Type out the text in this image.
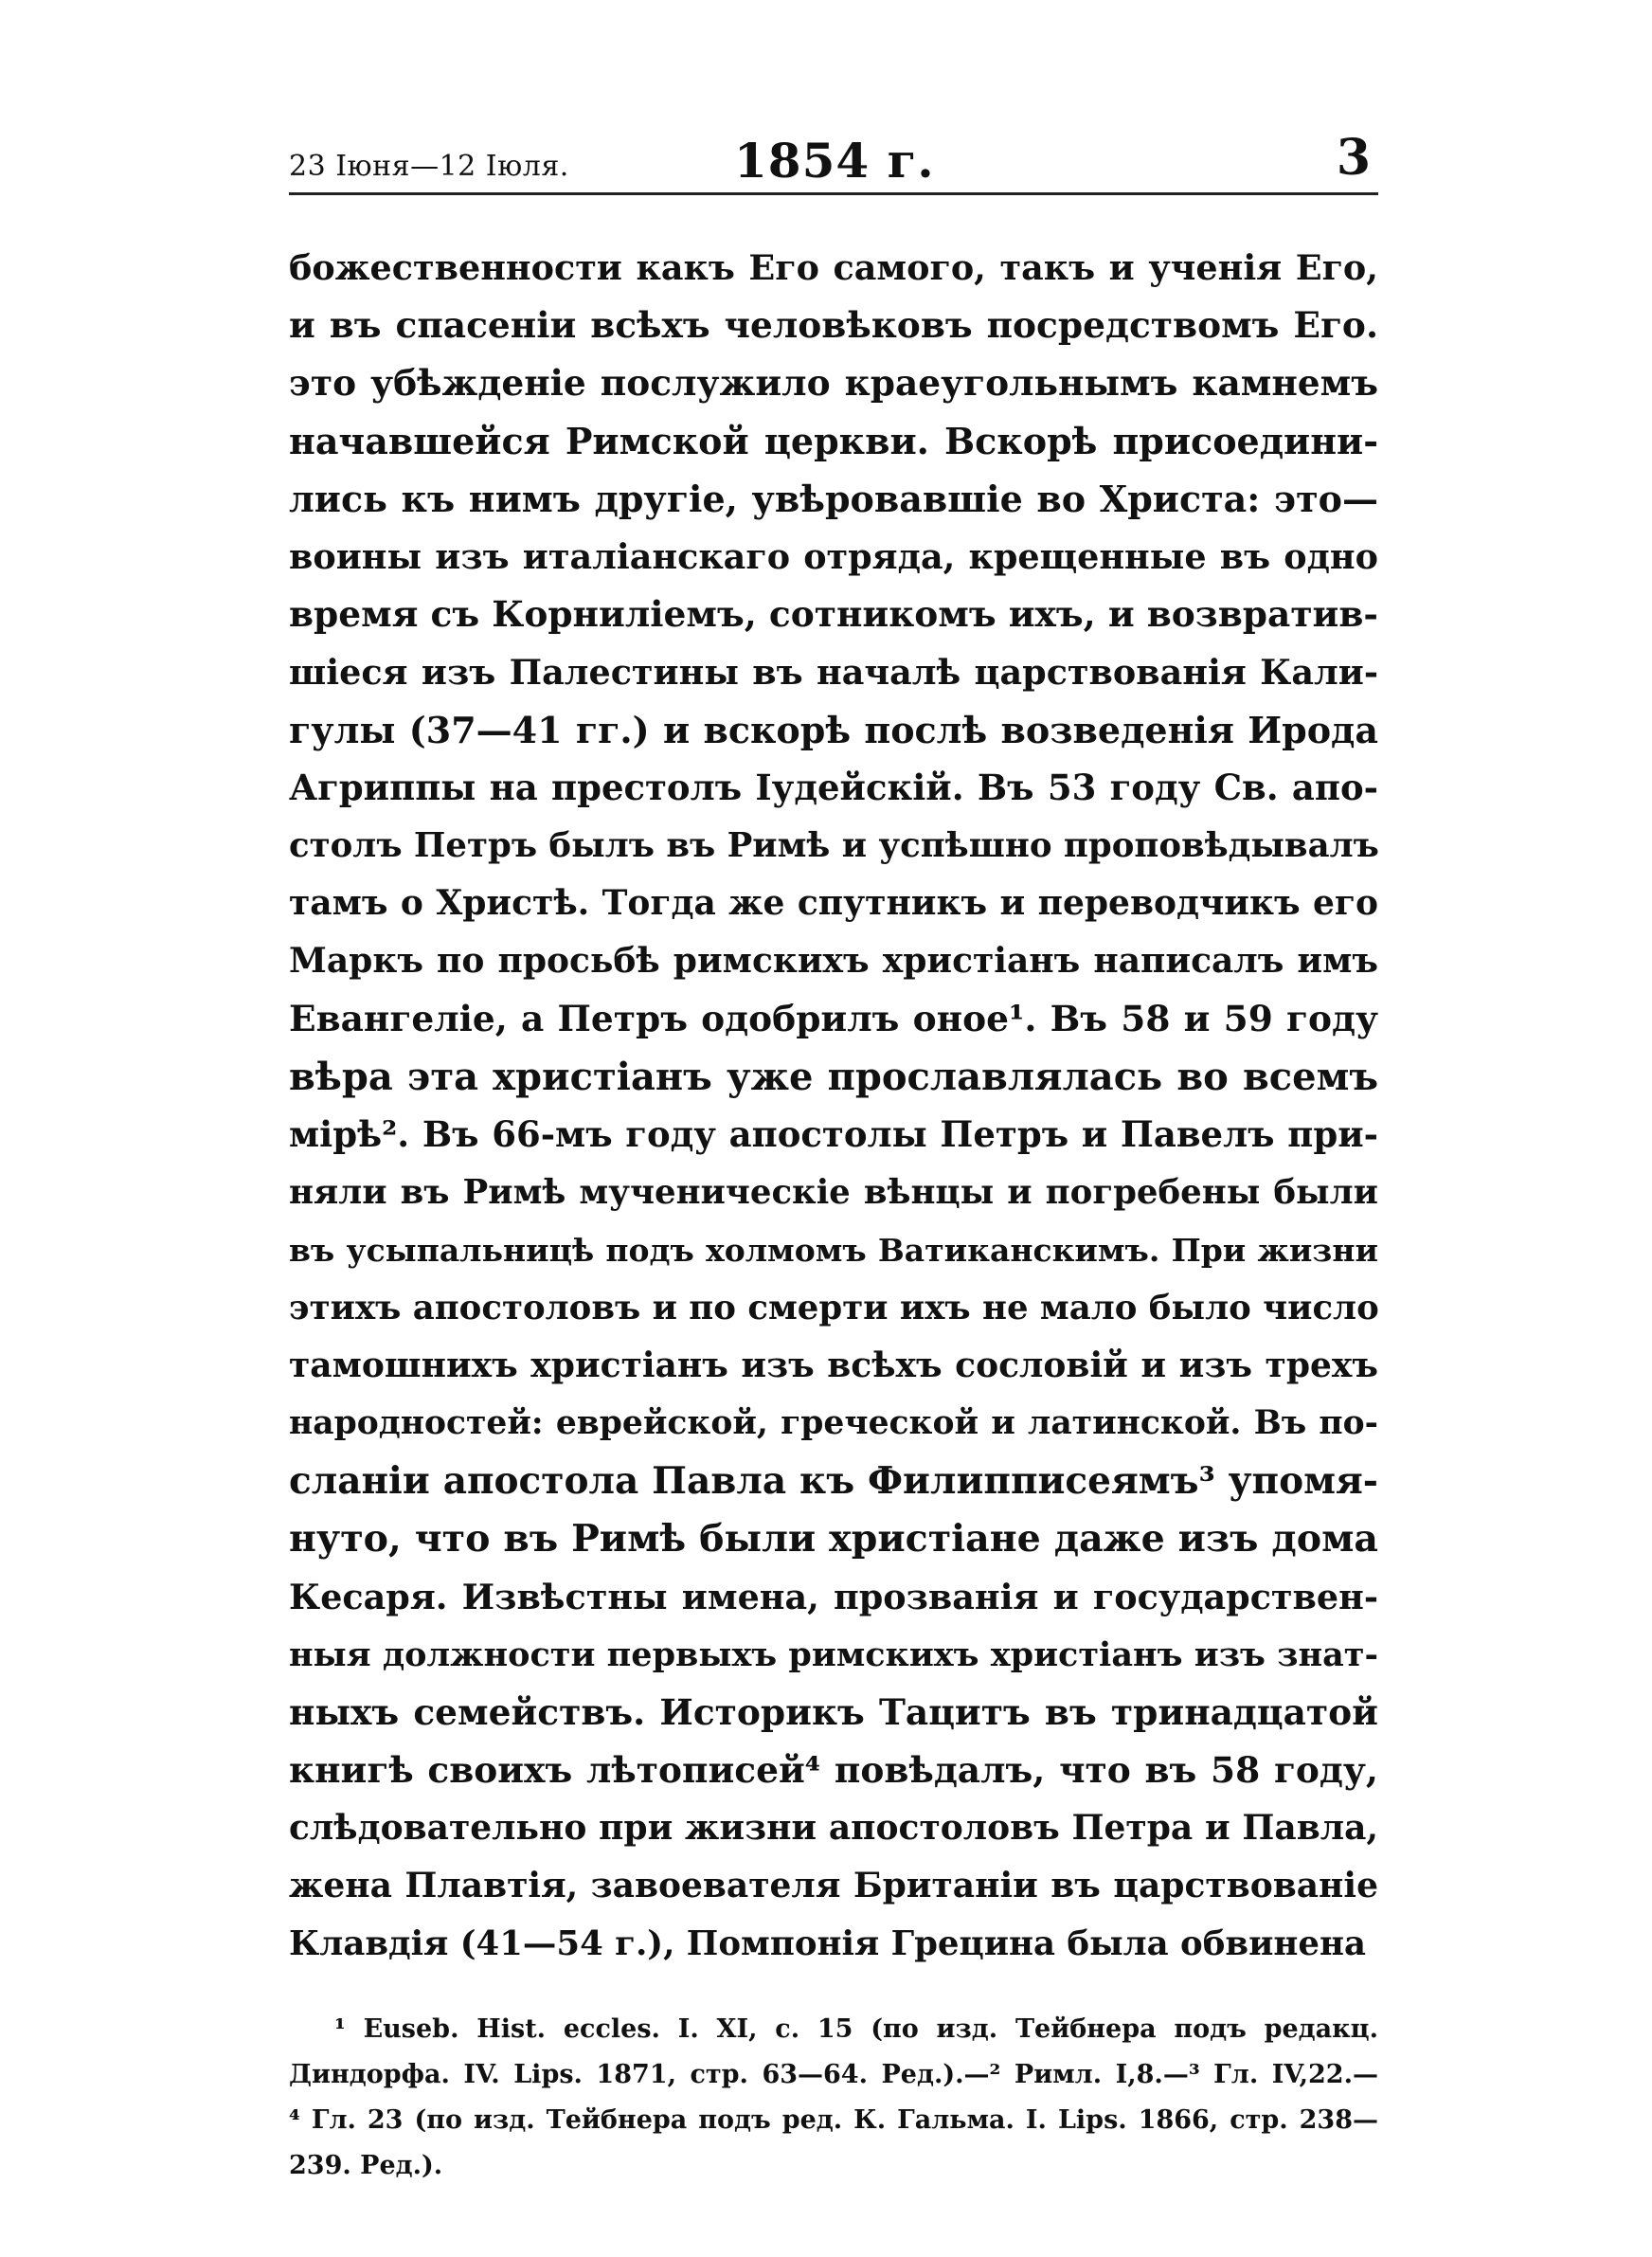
23 Іюня—12 Іюля.	1854 г.	3
божественности какъ Его самого, такъ и ученія Его,
и въ спасеніи всѣхъ человѣковъ посредствомъ Его.
это убѣжденіе послужило краеугольнымъ камнемъ
начавшейся Римской церкви. Вскорѣ присоедини-
лись къ нимъ другіе, увѣровавшіе во Христа: это—
воины изъ италіанскаго отряда, крещенные въ одно
время съ Корниліемъ, сотникомъ ихъ, и возвратив-
шіеся изъ Палестины въ началѣ царствованія Кали-
гулы (37—41 гг.) и вскорѣ послѣ возведенія Ирода
Агриппы на престолъ Іудейскій. Въ 53 году Св. апо-
столъ Петръ былъ въ Римѣ и успѣшно проповѣдывалъ
тамъ о Христѣ. Тогда же спутникъ и переводчикъ его
Маркъ по просьбѣ римскихъ христіанъ написалъ имъ
Евангеліе, а Петръ одобрилъ оное¹. Въ 58 и 59 году
вѣра эта христіанъ уже прославлялась во всемъ
мірѣ². Въ 66-мъ году апостолы Петръ и Павелъ при-
няли въ Римѣ мученическіе вѣнцы и погребены были
въ усыпальницѣ подъ холмомъ Ватиканскимъ. При жизни
этихъ апостоловъ и по смерти ихъ не мало было число
тамошнихъ христіанъ изъ всѣхъ сословій и изъ трехъ
народностей: еврейской, греческой и латинской. Въ по-
сланіи апостола Павла къ Филипписеямъ³ упомя-
нуто, что въ Римѣ были христіане даже изъ дома
Кесаря. Извѣстны имена, прозванія и государствен-
ныя должности первыхъ римскихъ христіанъ изъ знат-
ныхъ семействъ. Историкъ Тацитъ въ тринадцатой
книгѣ своихъ лѣтописей⁴ повѣдалъ, что въ 58 году,
слѣдовательно при жизни апостоловъ Петра и Павла,
жена Плавтія, завоевателя Британіи въ царствованіе
Клавдія (41—54 г.), Помпонія Грецина была обвинена
¹ Euseb. Hist. eccles. I. XI, c. 15 (по изд. Тейбнера подъ редакц.
Диндорфа. IV. Lips. 1871, стр. 63—64. Ред.).—² Римл. I,8.—³ Гл. IV,22.—
⁴ Гл. 23 (по изд. Тейбнера подъ ред. К. Гальма. I. Lips. 1866, стр. 238—
239. Ред.).
